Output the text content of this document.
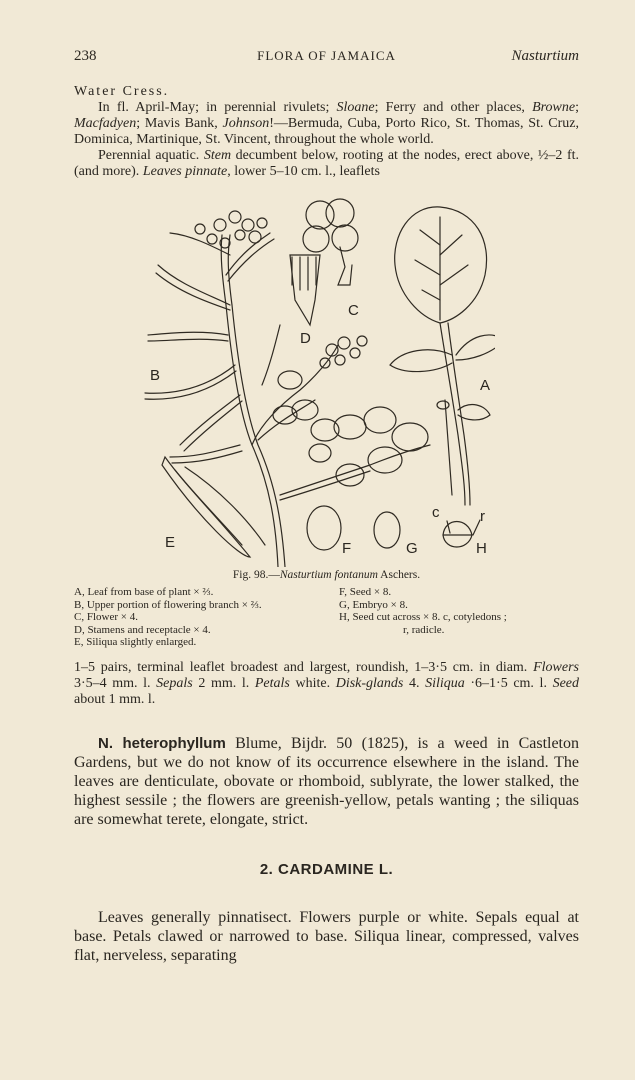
238	FLORA OF JAMAICA	Nasturtium

Water Cress.

In fl. April-May; in perennial rivulets; Sloane; Ferry and other places, Browne; Macfadyen; Mavis Bank, Johnson!—Bermuda, Cuba, Porto Rico, St. Thomas, St. Cruz, Dominica, Martinique, St. Vincent, throughout the whole world.

Perennial aquatic. Stem decumbent below, rooting at the nodes, erect above, ½–2 ft. (and more). Leaves pinnate, lower 5–10 cm. l., leaflets

B
C
D
A
E	F	G	H
c	r
Fig. 98.—Nasturtium fontanum Aschers.
A, Leaf from base of plant × ⅔.
B, Upper portion of flowering branch × ⅔.
C, Flower × 4.
D, Stamens and receptacle × 4.
E, Siliqua slightly enlarged.
F, Seed × 8.
G, Embryo × 8.
H, Seed cut across × 8. c, cotyledons ;
r, radicle.

1–5 pairs, terminal leaflet broadest and largest, roundish, 1–3·5 cm. in diam. Flowers 3·5–4 mm. l. Sepals 2 mm. l. Petals white. Disk-glands 4. Siliqua ·6–1·5 cm. l. Seed about 1 mm. l.

N. heterophyllum Blume, Bijdr. 50 (1825), is a weed in Castleton Gardens, but we do not know of its occurrence elsewhere in the island. The leaves are denticulate, obovate or rhomboid, sublyrate, the lower stalked, the highest sessile ; the flowers are greenish-yellow, petals wanting ; the siliquas are somewhat terete, elongate, strict.

2. CARDAMINE L.

Leaves generally pinnatisect. Flowers purple or white. Sepals equal at base. Petals clawed or narrowed to base. Siliqua linear, compressed, valves flat, nerveless, separating
